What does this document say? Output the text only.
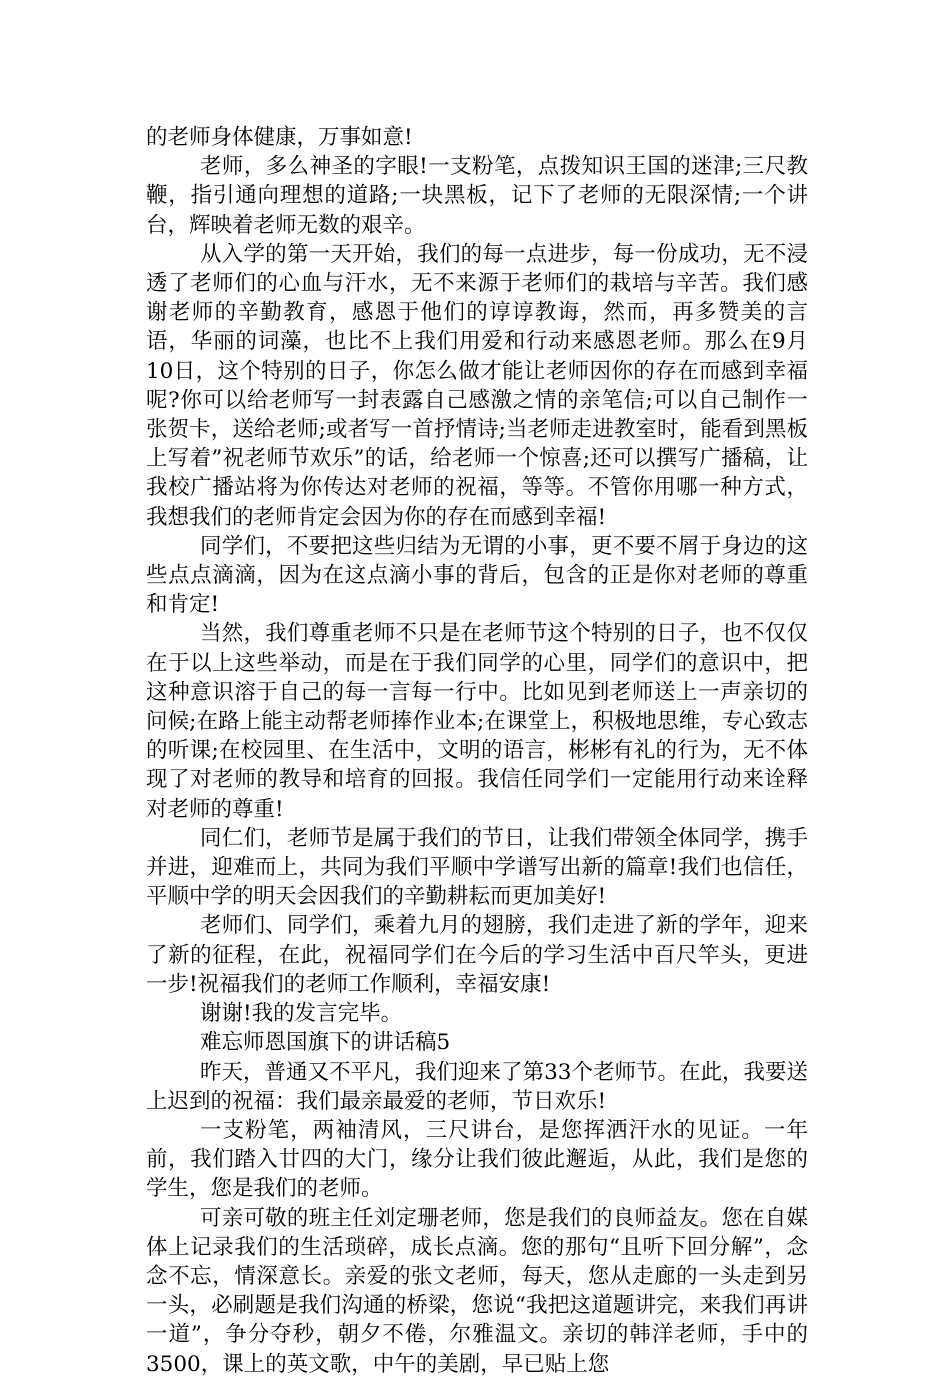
的老师身体健康，万事如意!

老师，多么神圣的字眼!一支粉笔，点拨知识王国的迷津;三尺教鞭，指引通向理想的道路;一块黑板，记下了老师的无限深情;一个讲台，辉映着老师无数的艰辛。

从入学的第一天开始，我们的每一点进步，每一份成功，无不浸透了老师们的心血与汗水，无不来源于老师们的栽培与辛苦。我们感谢老师的辛勤教育，感恩于他们的谆谆教诲，然而，再多赞美的言语，华丽的词藻，也比不上我们用爱和行动来感恩老师。那么在9月10日，这个特别的日子，你怎么做才能让老师因你的存在而感到幸福呢?你可以给老师写一封表露自己感激之情的亲笔信;可以自己制作一张贺卡，送给老师;或者写一首抒情诗;当老师走进教室时，能看到黑板上写着”祝老师节欢乐”的话，给老师一个惊喜;还可以撰写广播稿，让我校广播站将为你传达对老师的祝福，等等。不管你用哪一种方式，我想我们的老师肯定会因为你的存在而感到幸福!

同学们，不要把这些归结为无谓的小事，更不要不屑于身边的这些点点滴滴，因为在这点滴小事的背后，包含的正是你对老师的尊重和肯定!

当然，我们尊重老师不只是在老师节这个特别的日子，也不仅仅在于以上这些举动，而是在于我们同学的心里，同学们的意识中，把这种意识溶于自己的每一言每一行中。比如见到老师送上一声亲切的问候;在路上能主动帮老师捧作业本;在课堂上，积极地思维，专心致志的听课;在校园里、在生活中，文明的语言，彬彬有礼的行为，无不体现了对老师的教导和培育的回报。我信任同学们一定能用行动来诠释对老师的尊重!

同仁们，老师节是属于我们的节日，让我们带领全体同学，携手并进，迎难而上，共同为我们平顺中学谱写出新的篇章!我们也信任，平顺中学的明天会因我们的辛勤耕耘而更加美好!

老师们、同学们，乘着九月的翅膀，我们走进了新的学年，迎来了新的征程，在此，祝福同学们在今后的学习生活中百尺竿头，更进一步!祝福我们的老师工作顺利，幸福安康!

谢谢!我的发言完毕。

难忘师恩国旗下的讲话稿5

昨天，普通又不平凡，我们迎来了第33个老师节。在此，我要送上迟到的祝福：我们最亲最爱的老师，节日欢乐!

一支粉笔，两袖清风，三尺讲台，是您挥洒汗水的见证。一年前，我们踏入廿四的大门，缘分让我们彼此邂逅，从此，我们是您的学生，您是我们的老师。

可亲可敬的班主任刘定珊老师，您是我们的良师益友。您在自媒体上记录我们的生活琐碎，成长点滴。您的那句“且听下回分解”，念念不忘，情深意长。亲爱的张文老师，每天，您从走廊的一头走到另一头，必刷题是我们沟通的桥梁，您说“我把这道题讲完，来我们再讲一道”，争分夺秒，朝夕不倦，尔雅温文。亲切的韩洋老师，手中的3500，课上的英文歌，中午的美剧，早已贴上您
